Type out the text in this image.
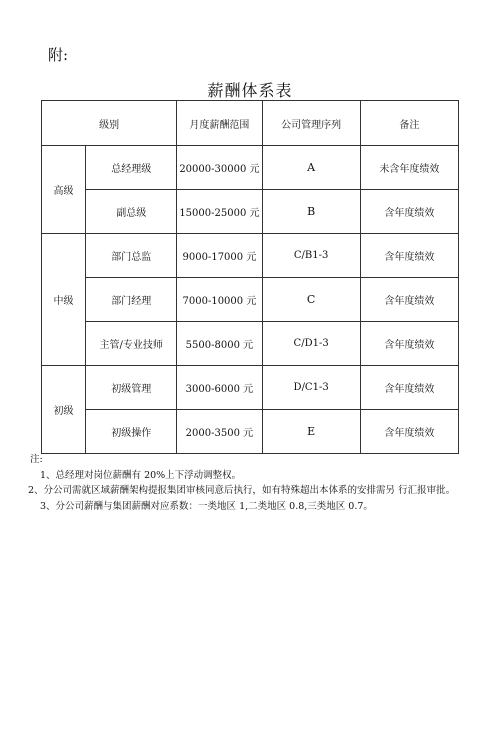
附:
薪酬体系表
级别		月度薪酬范围	公司管理序列	备注
高级	总经理级	20000-30000 元	A	未含年度绩效
	副总级	15000-25000 元	B	含年度绩效
中级	部门总监	9000-17000 元	C/B1-3	含年度绩效
	部门经理	7000-10000 元	C	含年度绩效
	主管/专业技师	5500-8000 元	C/D1-3	含年度绩效
初级	初级管理	3000-6000 元	D/C1-3	含年度绩效
	初级操作	2000-3500 元	E	含年度绩效
注:
1、总经理对岗位薪酬有 20%上下浮动调整权。
2、分公司需就区域薪酬架构提报集团审核同意后执行，如有特殊超出本体系的安排需另 行汇报审批。
3、分公司薪酬与集团薪酬对应系数：一类地区 1,二类地区 0.8,三类地区 0.7。
